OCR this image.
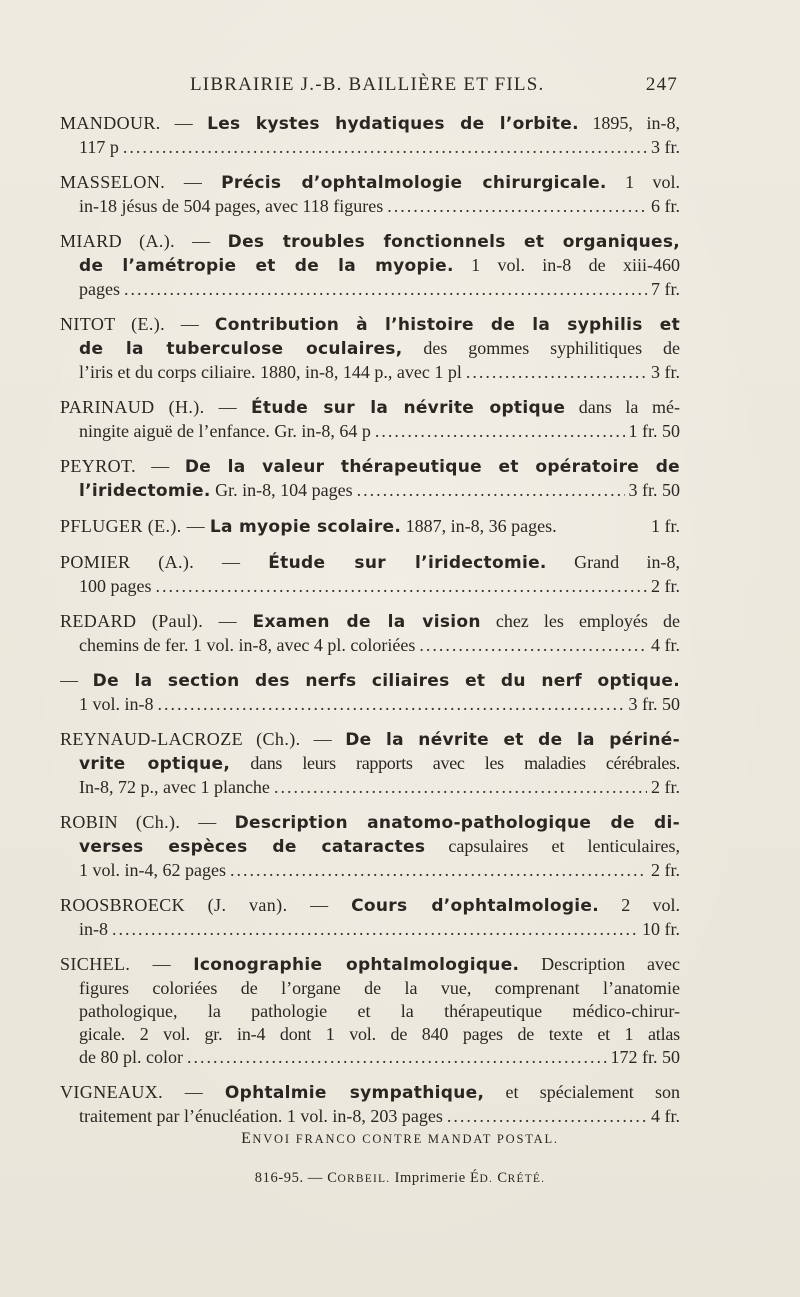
LIBRAIRIE J.-B. BAILLIÈRE ET FILS.	247
MANDOUR. — Les kystes hydatiques de l’orbite. 1895, in-8,
117 p .....	3 fr.
MASSELON. — Précis d’ophtalmologie chirurgicale. 1 vol.
in-18 jésus de 504 pages, avec 118 figures .....	6 fr.
MIARD (A.). — Des troubles fonctionnels et organiques,
de l’amétropie et de la myopie. 1 vol. in-8 de xiii-460
pages .....	7 fr.
NITOT (E.). — Contribution à l’histoire de la syphilis et
de la tuberculose oculaires, des gommes syphilitiques de
l’iris et du corps ciliaire. 1880, in-8, 144 p., avec 1 pl .....	3 fr.
PARINAUD (H.). — Étude sur la névrite optique dans la mé-
ningite aiguë de l’enfance. Gr. in-8, 64 p .....	1 fr. 50
PEYROT. — De la valeur thérapeutique et opératoire de
l’iridectomie. Gr. in-8, 104 pages .....	3 fr. 50
PFLUGER (E.). — La myopie scolaire. 1887, in-8, 36 pages.	1 fr.
POMIER (A.). — Étude sur l’iridectomie. Grand in-8,
100 pages .....	2 fr.
REDARD (Paul). — Examen de la vision chez les employés de
chemins de fer. 1 vol. in-8, avec 4 pl. coloriées .....	4 fr.
— De la section des nerfs ciliaires et du nerf optique.
1 vol. in-8 .....	3 fr. 50
REYNAUD-LACROZE (Ch.). — De la névrite et de la périné-
vrite optique, dans leurs rapports avec les maladies cérébrales.
In-8, 72 p., avec 1 planche .....	2 fr.
ROBIN (Ch.). — Description anatomo-pathologique de di-
verses espèces de cataractes capsulaires et lenticulaires,
1 vol. in-4, 62 pages .....	2 fr.
ROOSBROECK (J. van). — Cours d’ophtalmologie. 2 vol.
in-8 .....	10 fr.
SICHEL. — Iconographie ophtalmologique. Description avec
figures coloriées de l’organe de la vue, comprenant l’anatomie
pathologique, la pathologie et la thérapeutique médico-chirur-
gicale. 2 vol. gr. in-4 dont 1 vol. de 840 pages de texte et 1 atlas
de 80 pl. color .....	172 fr. 50
VIGNEAUX. — Ophtalmie sympathique, et spécialement son
traitement par l’énucléation. 1 vol. in-8, 203 pages .....	4 fr.
ENVOI FRANCO CONTRE MANDAT POSTAL.
816-95. — CORBEIL. Imprimerie ÉD. CRÉTÉ.
